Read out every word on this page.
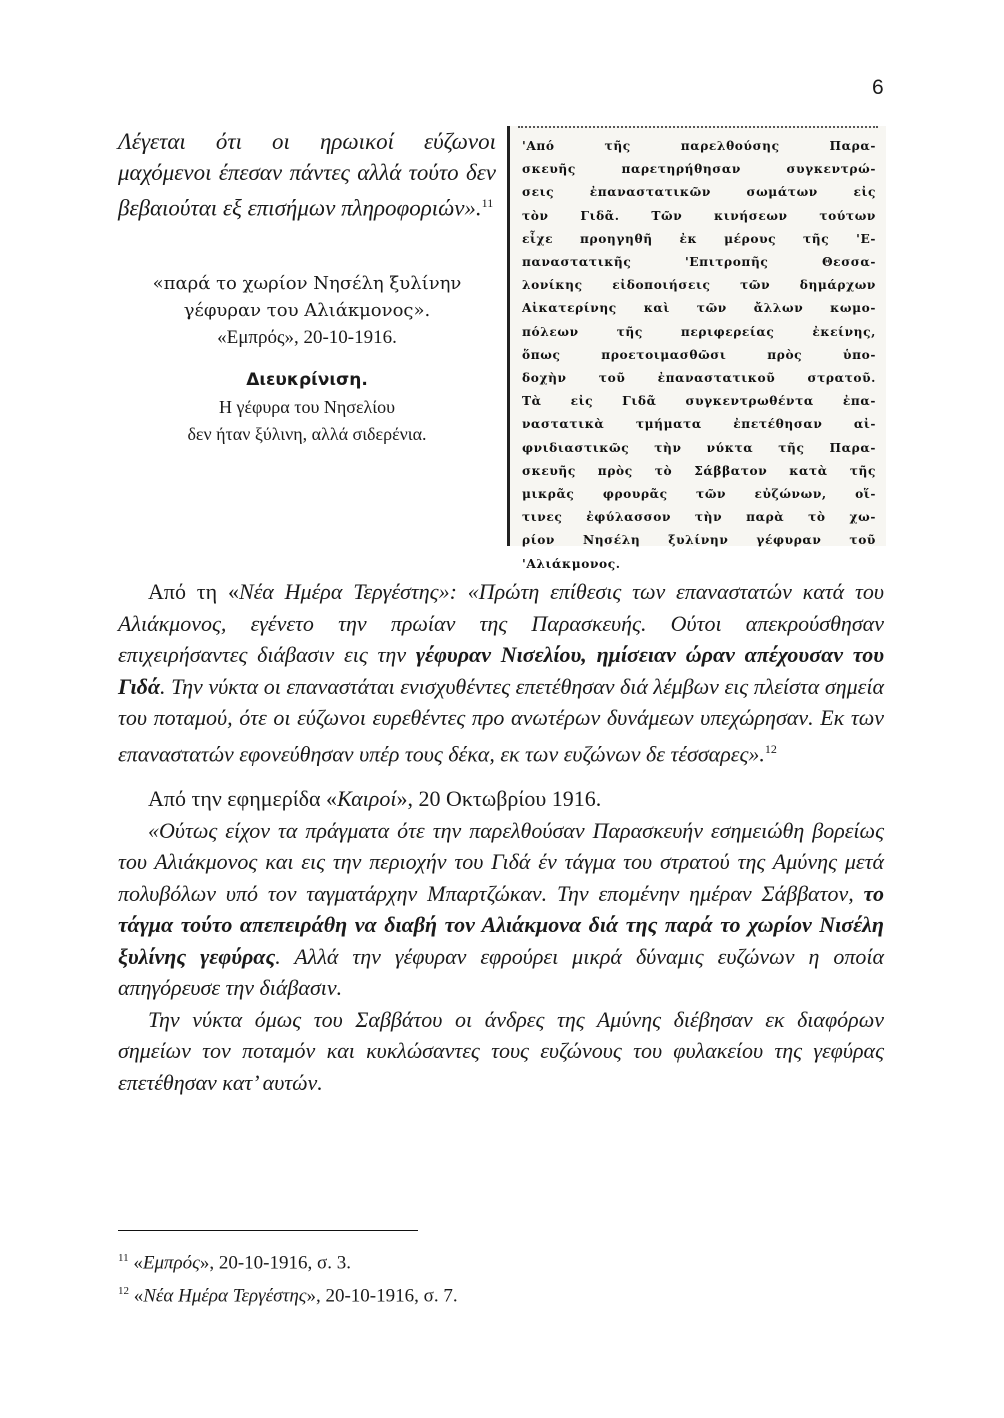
6

Λέγεται ότι οι ηρωικοί εύζωνοι μαχόμενοι έπεσαν πάντες αλλά τούτο δεν βεβαιούται εξ επισήμων πληροφοριών».$^{11}$

«παρά το χωρίον Νησέλη ξυλίνην γέφυραν του Αλιάκμονος».
«Εμπρός», 20-10-1916.
Διευκρίνιση.
Η γέφυρα του Νησελίου
δεν ήταν ξύλινη, αλλά σιδερένια.
'Από τῆς παρελθούσης Παρα-
σκευῆς παρετηρήθησαν συγκεντρώ-
σεις ἐπαναστατικῶν σωμάτων εἰς
τὸν Γιδᾶ. Τῶν κινήσεων τούτων
εἶχε προηγηθῆ ἐκ μέρους τῆς 'Ε-
παναστατικῆς 'Επιτροπῆς Θεσσα-
λονίκης εἰδοποιήσεις τῶν δημάρχων
Αἰκατερίνης καὶ τῶν ἄλλων κωμο-
πόλεων τῆς περιφερείας ἐκείνης,
ὅπως προετοιμασθῶσι πρὸς ὑπο-
δοχὴν τοῦ ἐπαναστατικοῦ στρατοῦ.
Τὰ εἰς Γιδᾶ συγκεντρωθέντα ἐπα-
ναστατικὰ τμήματα ἐπετέθησαν αἰ-
φνιδιαστικῶς τὴν νύκτα τῆς Παρα-
σκευῆς πρὸς τὸ Σάββατον κατὰ τῆς
μικρᾶς φρουρᾶς τῶν εὐζώνων, οἵ-
τινες ἐφύλασσον τὴν παρὰ τὸ χω-
ρίον Νησέλη ξυλίνην γέφυραν τοῦ
'Αλιάκμονος.

Από τη «Νέα Ημέρα Τεργέστης»: «Πρώτη επίθεσις των επαναστατών κατά του Αλιάκμονος, εγένετο την πρωίαν της Παρασκευής. Ούτοι απεκρούσθησαν επιχειρήσαντες διάβασιν εις την γέφυραν Νισελίου, ημίσειαν ώραν απέχουσαν του Γιδά. Την νύκτα οι επαναστάται ενισχυθέντες επετέθησαν διά λέμβων εις πλείστα σημεία του ποταμού, ότε οι εύζωνοι ευρεθέντες προ ανωτέρων δυνάμεων υπεχώρησαν. Εκ των επαναστατών εφονεύθησαν υπέρ τους δέκα, εκ των ευζώνων δε τέσσαρες».$^{12}$

Από την εφημερίδα «Καιροί», 20 Οκτωβρίου 1916.

«Ούτως είχον τα πράγματα ότε την παρελθούσαν Παρασκευήν εσημειώθη βορείως του Αλιάκμονος και εις την περιοχήν του Γιδά έν τάγμα του στρατού της Αμύνης μετά πολυβόλων υπό τον ταγματάρχην Μπαρτζώκαν. Την επομένην ημέραν Σάββατον, το τάγμα τούτο απεπειράθη να διαβή τον Αλιάκμονα διά της παρά το χωρίον Νισέλη ξυλίνης γεφύρας. Αλλά την γέφυραν εφρούρει μικρά δύναμις ευζώνων η οποία απηγόρευσε την διάβασιν.

Την νύκτα όμως του Σαββάτου οι άνδρες της Αμύνης διέβησαν εκ διαφόρων σημείων τον ποταμόν και κυκλώσαντες τους ευζώνους του φυλακείου της γεφύρας επετέθησαν κατ’ αυτών.

$^{11}$ «Εμπρός», 20-10-1916, σ. 3.
$^{12}$ «Νέα Ημέρα Τεργέστης», 20-10-1916, σ. 7.
